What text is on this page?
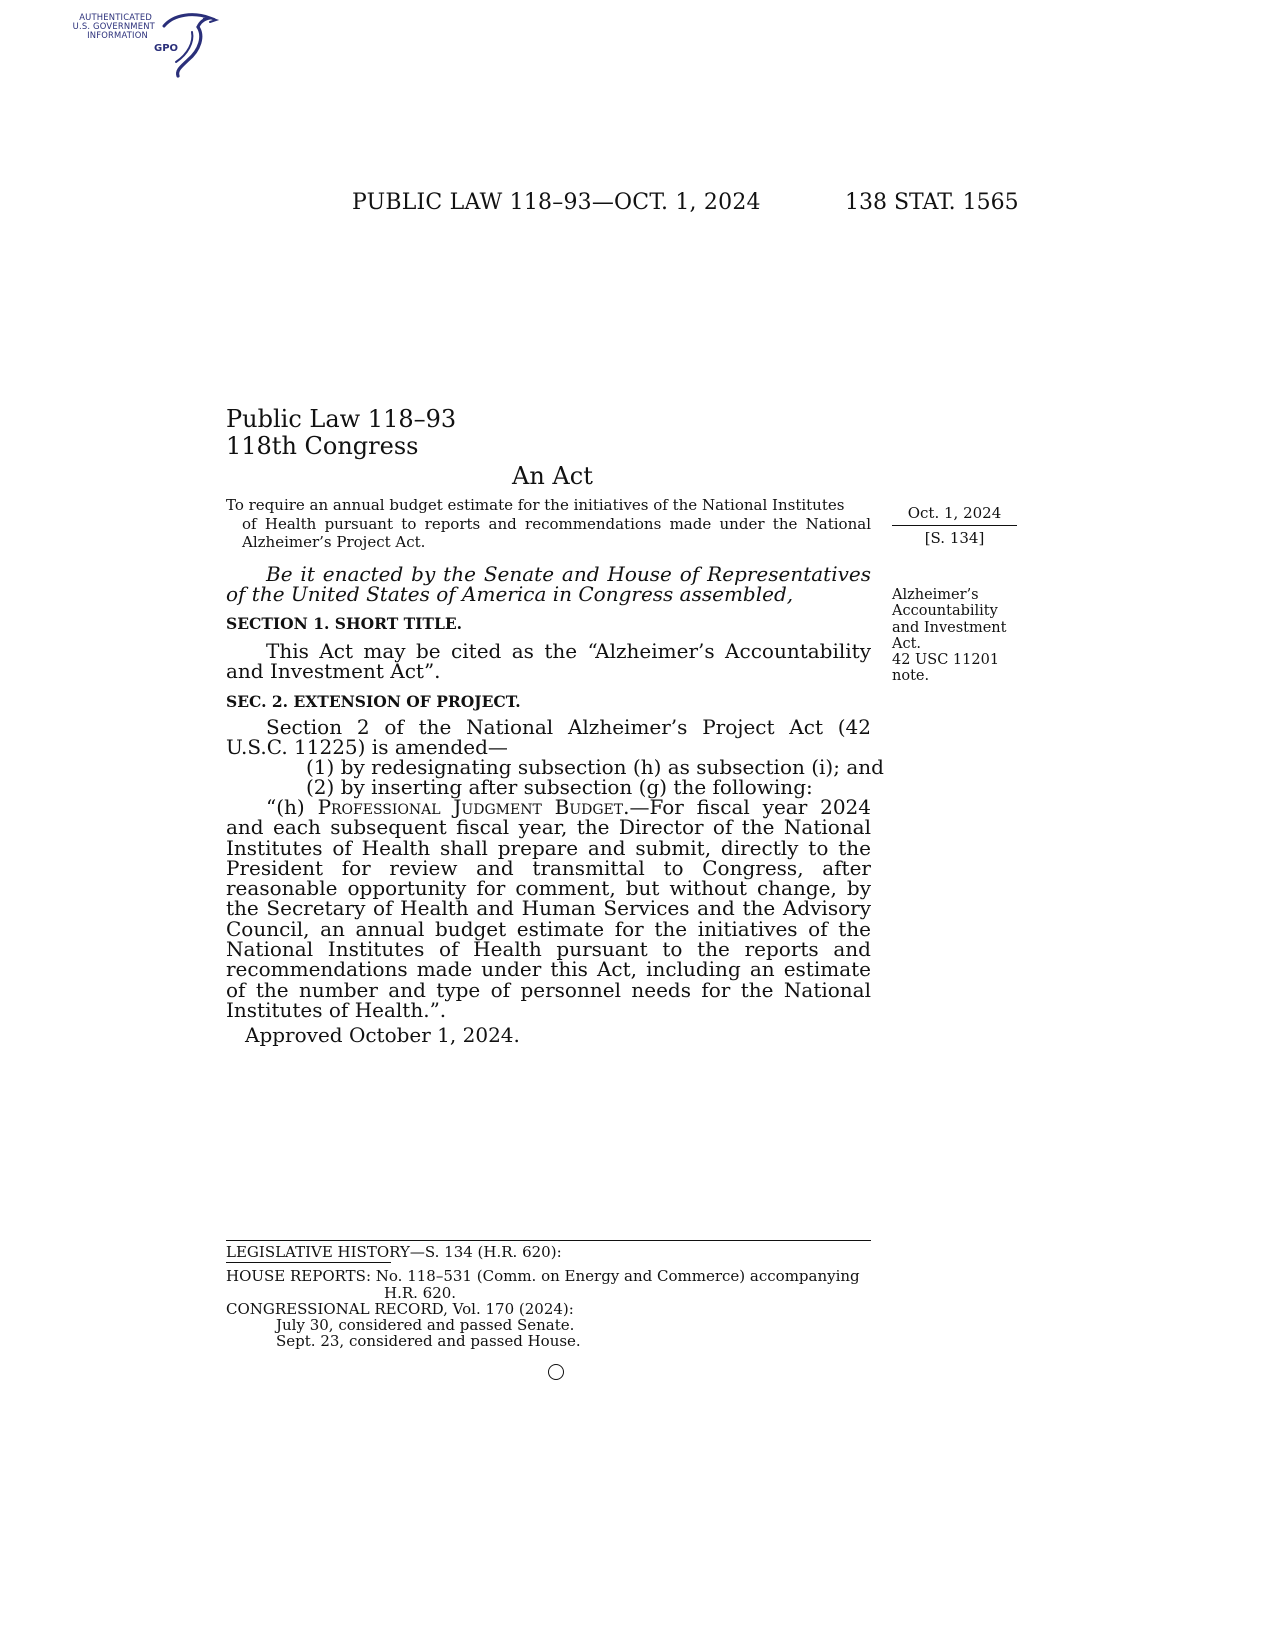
AUTHENTICATED
U.S. GOVERNMENT
INFORMATION
GPO
PUBLIC LAW 118–93—OCT. 1, 2024	138 STAT. 1565
Public Law 118–93
118th Congress
An Act
To require an annual budget estimate for the initiatives of the National Institutes
of Health pursuant to reports and recommendations made under the National Alzheimer’s Project Act.
Oct. 1, 2024
[S. 134]
Be it enacted by the Senate and House of Representatives of the United States of America in Congress assembled,	Alzheimer’s
Accountability
and Investment
Act.
42 USC 11201
note.
SECTION 1. SHORT TITLE.
This Act may be cited as the “Alzheimer’s Accountability and Investment Act”.
SEC. 2. EXTENSION OF PROJECT.
Section 2 of the National Alzheimer’s Project Act (42 U.S.C. 11225) is amended—
(1) by redesignating subsection (h) as subsection (i); and
(2) by inserting after subsection (g) the following:
“(h) Professional Judgment Budget.—For fiscal year 2024 and each subsequent fiscal year, the Director of the National Institutes of Health shall prepare and submit, directly to the President for review and transmittal to Congress, after reasonable opportunity for comment, but without change, by the Secretary of Health and Human Services and the Advisory Council, an annual budget estimate for the initiatives of the National Institutes of Health pursuant to the reports and recommendations made under this Act, including an estimate of the number and type of personnel needs for the National Institutes of Health.”.
Approved October 1, 2024.
LEGISLATIVE HISTORY—S. 134 (H.R. 620):
HOUSE REPORTS: No. 118–531 (Comm. on Energy and Commerce) accompanying
H.R. 620.
CONGRESSIONAL RECORD, Vol. 170 (2024):
July 30, considered and passed Senate.
Sept. 23, considered and passed House.
